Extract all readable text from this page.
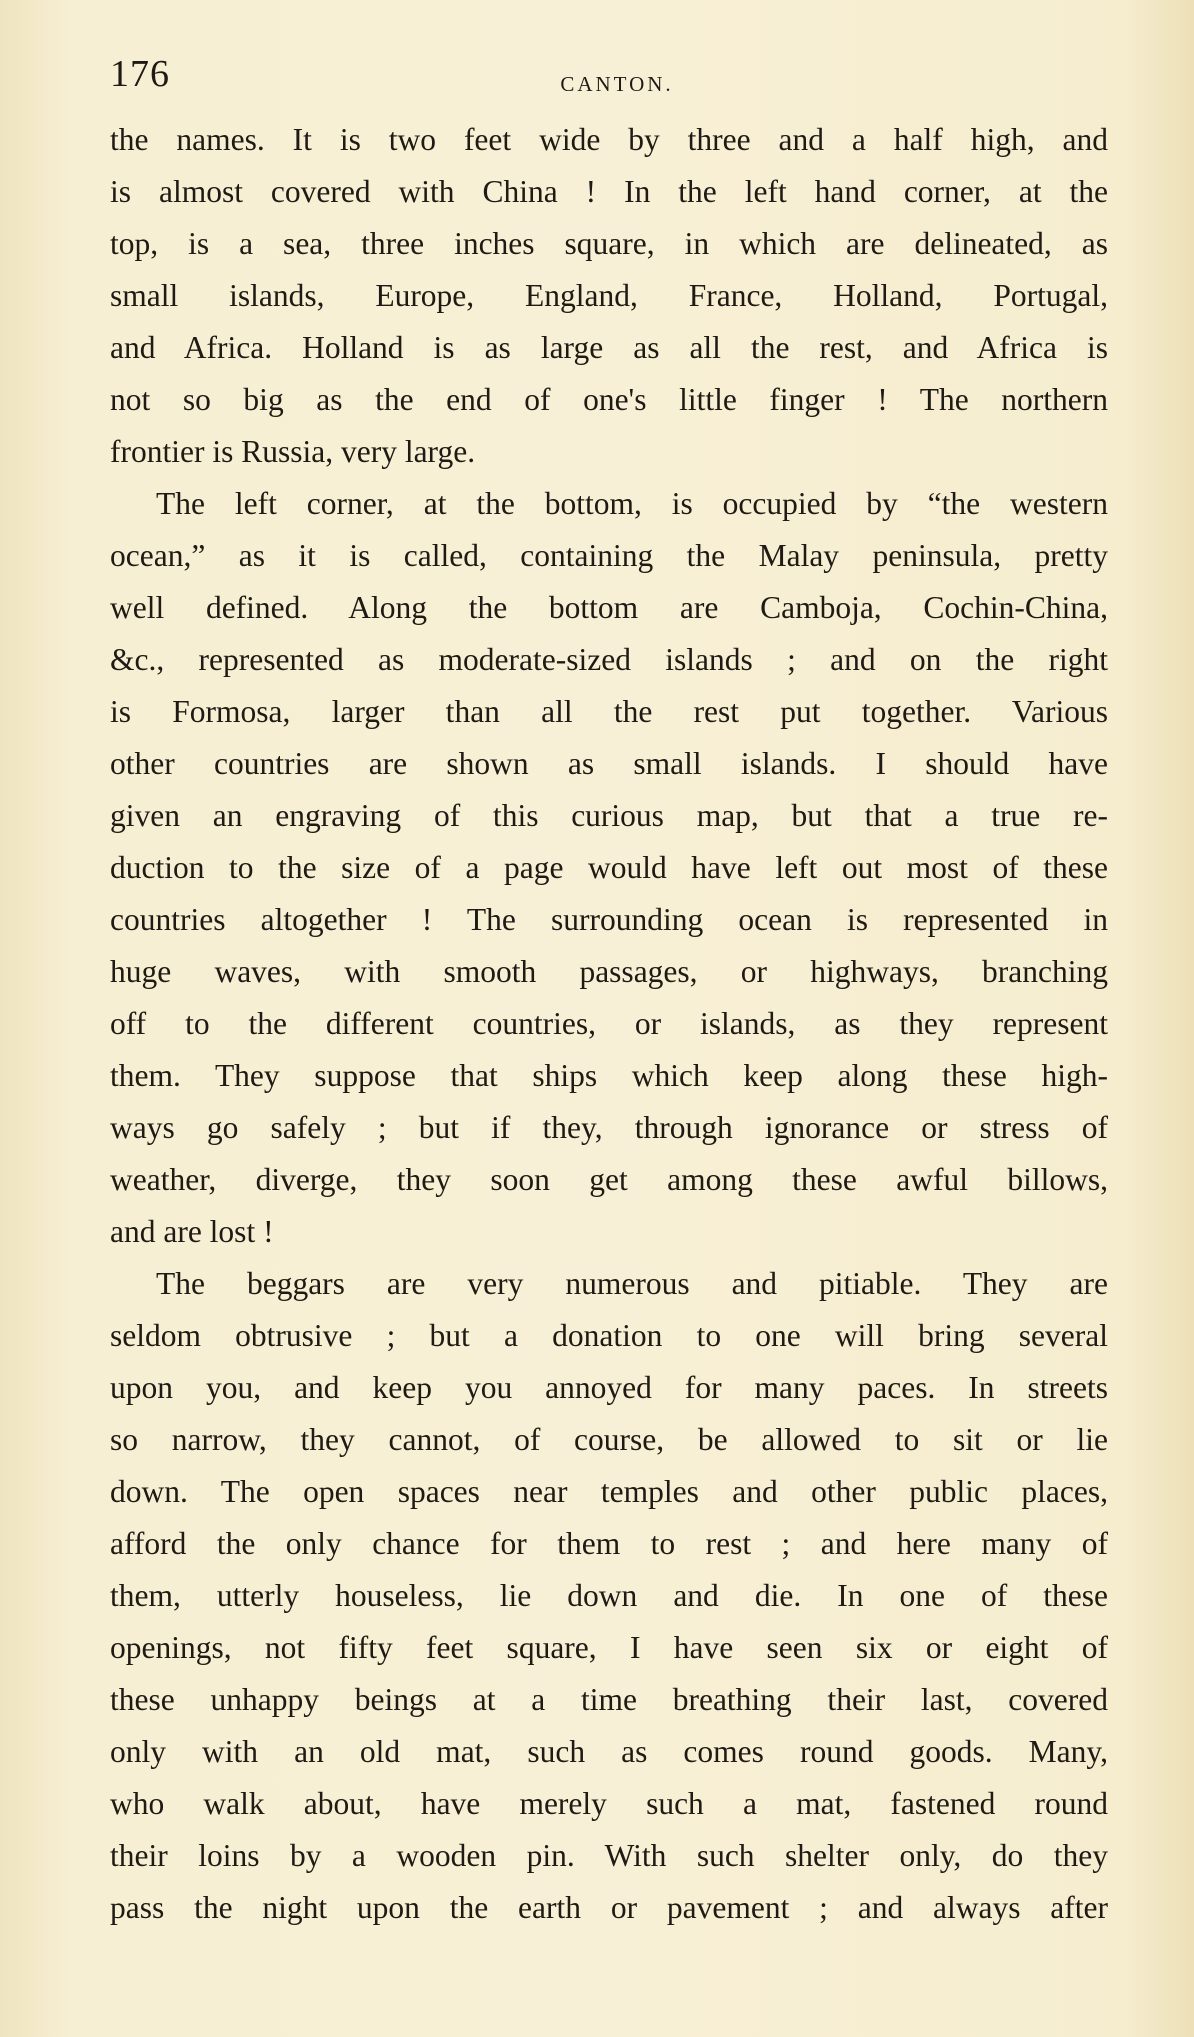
176	CANTON.
the names. It is two feet wide by three and a half high, and
is almost covered with China ! In the left hand corner, at the
top, is a sea, three inches square, in which are delineated, as
small islands, Europe, England, France, Holland, Portugal,
and Africa. Holland is as large as all the rest, and Africa is
not so big as the end of one's little finger ! The northern
frontier is Russia, very large.
The left corner, at the bottom, is occupied by “the western
ocean,” as it is called, containing the Malay peninsula, pretty
well defined. Along the bottom are Camboja, Cochin-China,
&c., represented as moderate-sized islands ; and on the right
is Formosa, larger than all the rest put together. Various
other countries are shown as small islands. I should have
given an engraving of this curious map, but that a true re-
duction to the size of a page would have left out most of these
countries altogether ! The surrounding ocean is represented in
huge waves, with smooth passages, or highways, branching
off to the different countries, or islands, as they represent
them. They suppose that ships which keep along these high-
ways go safely ; but if they, through ignorance or stress of
weather, diverge, they soon get among these awful billows,
and are lost !
The beggars are very numerous and pitiable. They are
seldom obtrusive ; but a donation to one will bring several
upon you, and keep you annoyed for many paces. In streets
so narrow, they cannot, of course, be allowed to sit or lie
down. The open spaces near temples and other public places,
afford the only chance for them to rest ; and here many of
them, utterly houseless, lie down and die. In one of these
openings, not fifty feet square, I have seen six or eight of
these unhappy beings at a time breathing their last, covered
only with an old mat, such as comes round goods. Many,
who walk about, have merely such a mat, fastened round
their loins by a wooden pin. With such shelter only, do they
pass the night upon the earth or pavement ; and always after
